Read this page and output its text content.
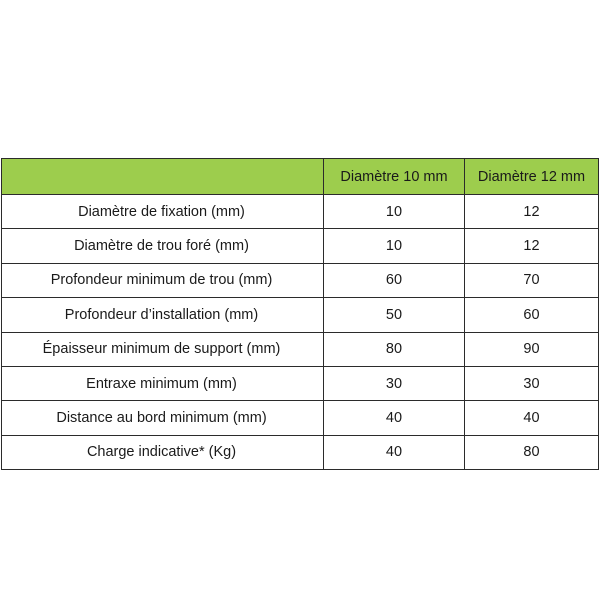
	Diamètre 10 mm	Diamètre 12 mm
Diamètre de fixation (mm)	10	12
Diamètre de trou foré (mm)	10	12
Profondeur minimum de trou (mm)	60	70
Profondeur d’installation (mm)	50	60
Épaisseur minimum de support (mm)	80	90
Entraxe minimum (mm)	30	30
Distance au bord minimum (mm)	40	40
Charge indicative* (Kg)	40	80
